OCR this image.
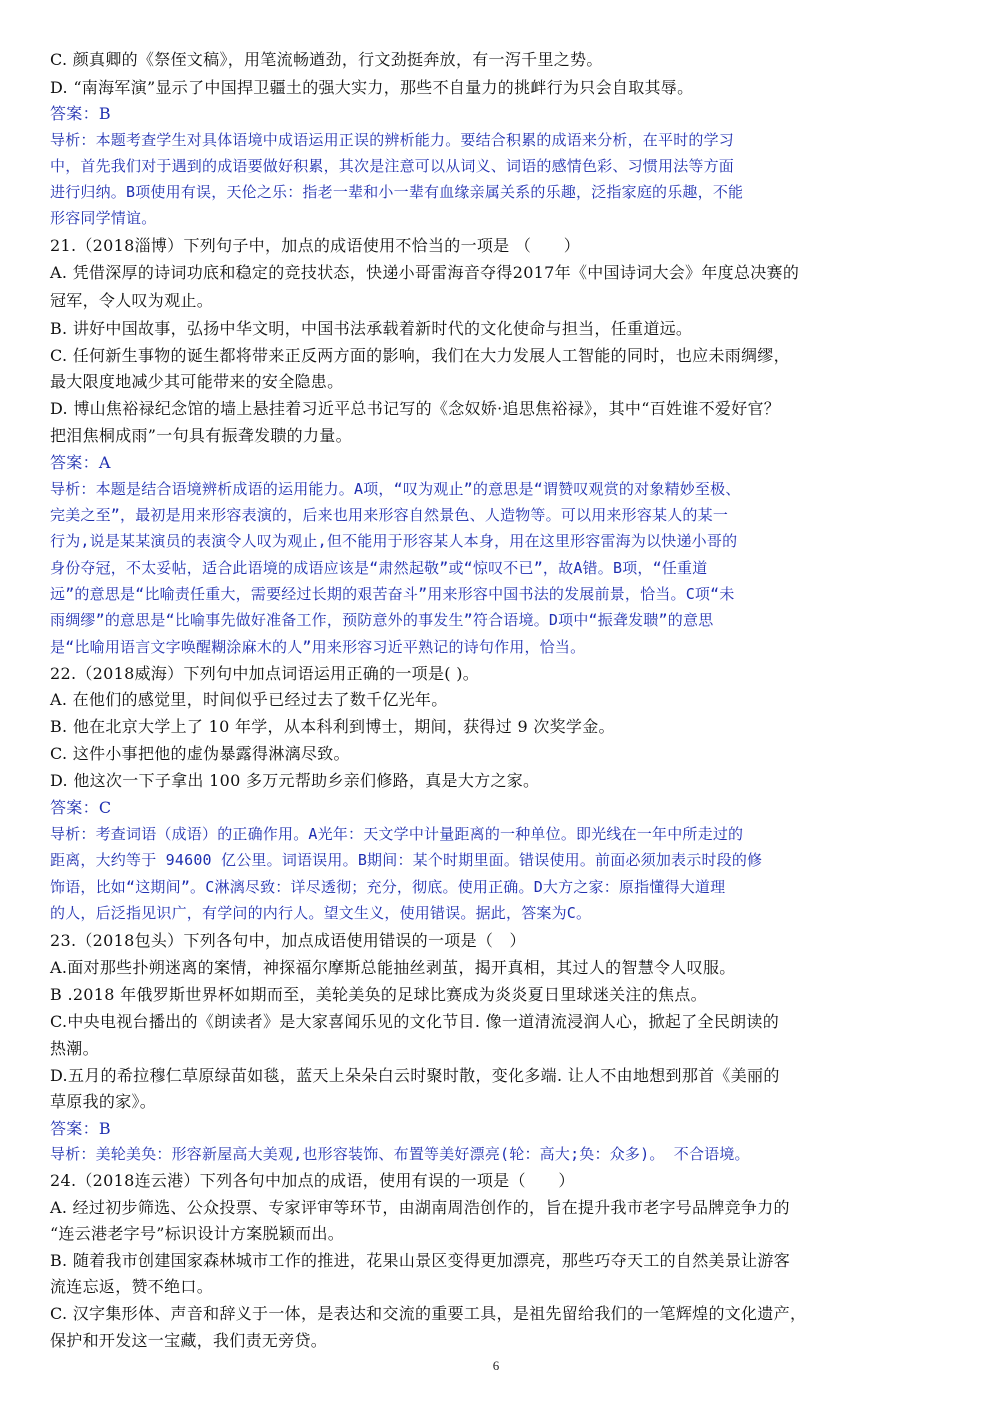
C. 颜真卿的《祭侄文稿》，用笔流畅遒劲，行文劲挺奔放，有一泻千里之势。
D. “南海军演”显示了中国捍卫疆土的强大实力，那些不自量力的挑衅行为只会自取其辱。
答案：B
导析：本题考查学生对具体语境中成语运用正误的辨析能力。要结合积累的成语来分析，在平时的学习
中，首先我们对于遇到的成语要做好积累，其次是注意可以从词义、词语的感情色彩、习惯用法等方面
进行归纳。B项使用有误，天伦之乐：指老一辈和小一辈有血缘亲属关系的乐趣，泛指家庭的乐趣，不能
形容同学情谊。
21.（2018淄博）下列句子中，加点的成语使用不恰当的一项是 （　　）
A. 凭借深厚的诗词功底和稳定的竞技状态，快递小哥雷海音夺得2017年《中国诗词大会》年度总决赛的
冠军，令人叹为观止。
B. 讲好中国故事，弘扬中华文明，中国书法承载着新时代的文化使命与担当，任重道远。
C. 任何新生事物的诞生都将带来正反两方面的影响，我们在大力发展人工智能的同时，也应未雨绸缪，
最大限度地减少其可能带来的安全隐患。
D. 博山焦裕禄纪念馆的墙上悬挂着习近平总书记写的《念奴娇·追思焦裕禄》，其中“百姓谁不爱好官？
把泪焦桐成雨”一句具有振聋发聩的力量。
答案：A
导析：本题是结合语境辨析成语的运用能力。A项，“叹为观止”的意思是“谓赞叹观赏的对象精妙至极、
完美之至”，最初是用来形容表演的，后来也用来形容自然景色、人造物等。可以用来形容某人的某一
行为,说是某某演员的表演令人叹为观止,但不能用于形容某人本身，用在这里形容雷海为以快递小哥的
身份夺冠，不太妥帖，适合此语境的成语应该是“肃然起敬”或“惊叹不已”，故A错。B项，“任重道
远”的意思是“比喻责任重大，需要经过长期的艰苦奋斗”用来形容中国书法的发展前景，恰当。C项“未
雨绸缪”的意思是“比喻事先做好准备工作，预防意外的事发生”符合语境。D项中“振聋发聩”的意思
是“比喻用语言文字唤醒糊涂麻木的人”用来形容习近平熟记的诗句作用，恰当。
22.（2018威海）下列句中加点词语运用正确的一项是( )。
A. 在他们的感觉里，时间似乎已经过去了数千亿光年。
B. 他在北京大学上了 10 年学，从本科利到博士，期间，获得过 9 次奖学金。
C. 这件小事把他的虚伪暴露得淋漓尽致。
D. 他这次一下子拿出 100 多万元帮助乡亲们修路，真是大方之家。
答案：C
导析：考查词语（成语）的正确作用。A光年：天文学中计量距离的一种单位。即光线在一年中所走过的
距离，大约等于 94600 亿公里。词语误用。B期间：某个时期里面。错误使用。前面必须加表示时段的修
饰语，比如“这期间”。C淋漓尽致：详尽透彻；充分，彻底。使用正确。D大方之家：原指懂得大道理
的人，后泛指见识广，有学问的内行人。望文生义，使用错误。据此，答案为C。
23.（2018包头）下列各句中，加点成语使用错误的一项是（　）
A.面对那些扑朔迷离的案情，神探福尔摩斯总能抽丝剥茧，揭开真相，其过人的智慧令人叹服。
B .2018 年俄罗斯世界杯如期而至，美轮美奂的足球比赛成为炎炎夏日里球迷关注的焦点。
C.中央电视台播出的《朗读者》是大家喜闻乐见的文化节目. 像一道清流浸润人心，掀起了全民朗读的
热潮。
D.五月的希拉穆仁草原绿苗如毯，蓝天上朵朵白云时聚时散，变化多端. 让人不由地想到那首《美丽的
草原我的家》。
答案：B
导析：美轮美奂：形容新屋高大美观,也形容装饰、布置等美好漂亮(轮：高大;奂：众多)。 不合语境。
24.（2018连云港）下列各句中加点的成语，使用有误的一项是（　　）
A. 经过初步筛选、公众投票、专家评审等环节，由湖南周浩创作的，旨在提升我市老字号品牌竞争力的
“连云港老字号”标识设计方案脱颖而出。
B. 随着我市创建国家森林城市工作的推进，花果山景区变得更加漂亮，那些巧夺天工的自然美景让游客
流连忘返，赞不绝口。
C. 汉字集形体、声音和辞义于一体，是表达和交流的重要工具，是祖先留给我们的一笔辉煌的文化遗产，
保护和开发这一宝藏，我们责无旁贷。
6
